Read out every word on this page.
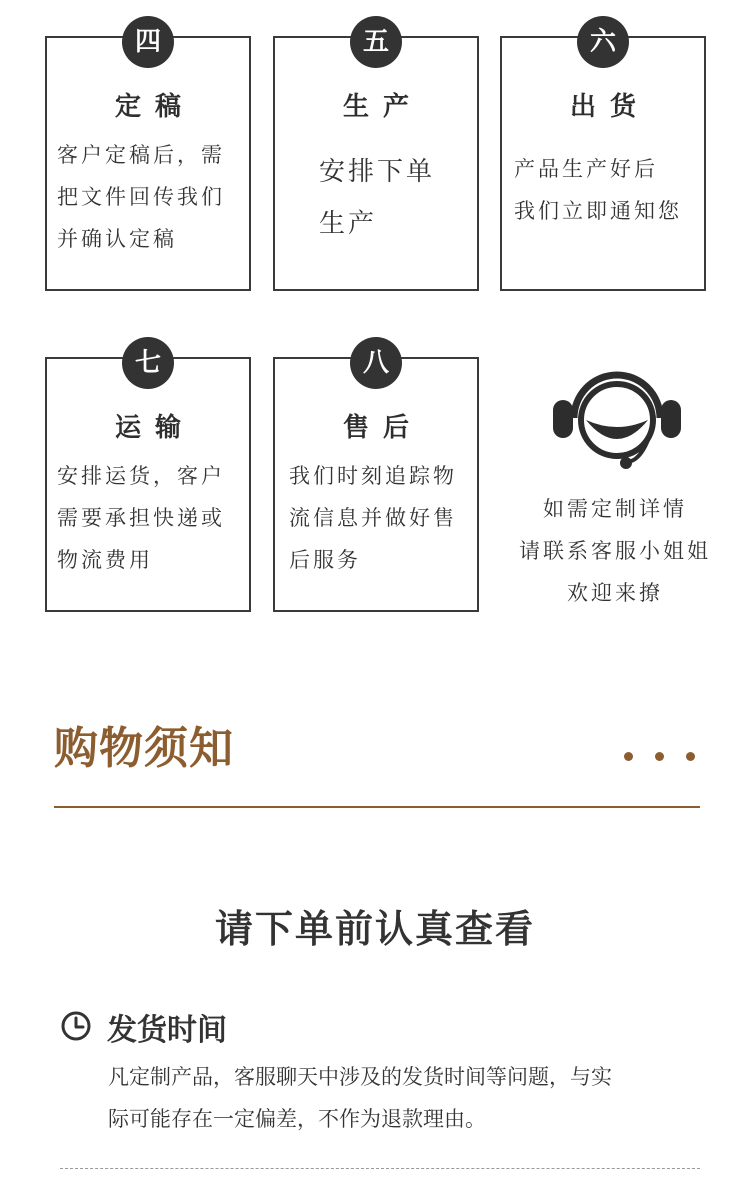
四
定稿
客户定稿后，需
把文件回传我们
并确认定稿
五
生产
安排下单
生产
六
出货
产品生产好后
我们立即通知您
七
运输
安排运货，客户
需要承担快递或
物流费用
八
售后
我们时刻追踪物
流信息并做好售
后服务
如需定制详情
请联系客服小姐姐
欢迎来撩
购物须知
请下单前认真查看
发货时间
凡定制产品，客服聊天中涉及的发货时间等问题，与实
际可能存在一定偏差，不作为退款理由。
